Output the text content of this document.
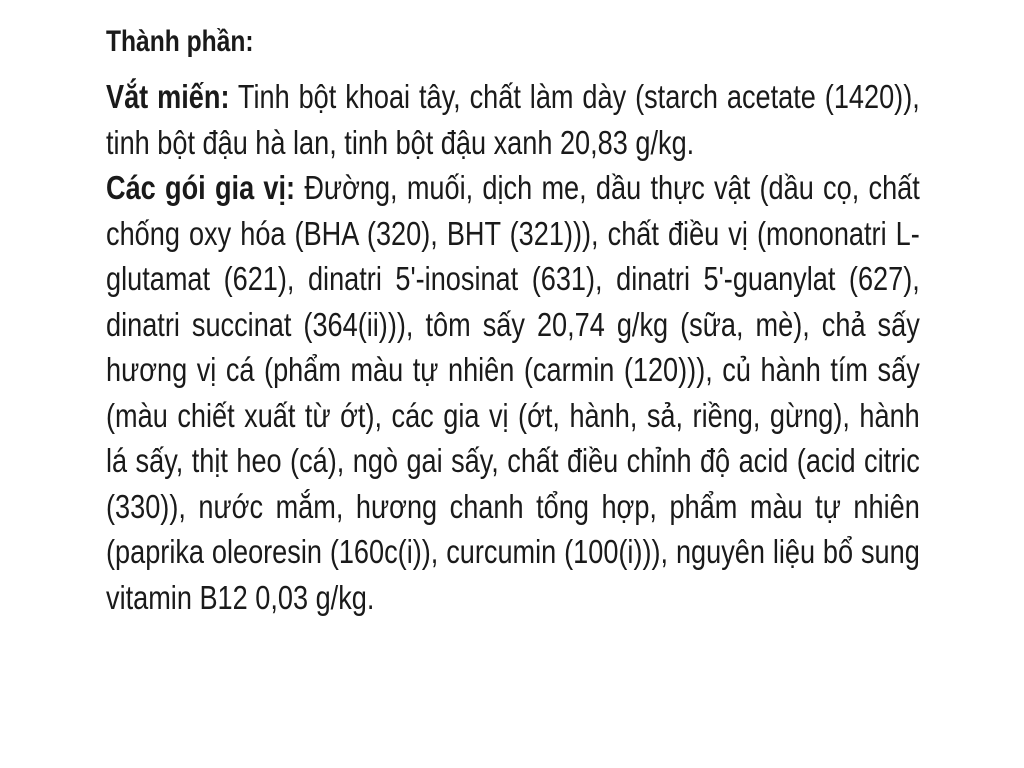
Thành phần:

Vắt miến: Tinh bột khoai tây, chất làm dày (starch acetate (1420)), tinh bột đậu hà lan, tinh bột đậu xanh 20,83 g/kg.

Các gói gia vị: Đường, muối, dịch me, dầu thực vật (dầu cọ, chất chống oxy hóa (BHA (320), BHT (321))), chất điều vị (mononatri L-glutamat (621), dinatri 5'-inosinat (631), dinatri 5'-guanylat (627), dinatri succinat (364(ii))), tôm sấy 20,74 g/kg (sữa, mè), chả sấy hương vị cá (phẩm màu tự nhiên (carmin (120))), củ hành tím sấy (màu chiết xuất từ ớt), các gia vị (ớt, hành, sả, riềng, gừng), hành lá sấy, thịt heo (cá), ngò gai sấy, chất điều chỉnh độ acid (acid citric (330)), nước mắm, hương chanh tổng hợp, phẩm màu tự nhiên (paprika oleoresin (160c(i)), curcumin (100(i))), nguyên liệu bổ sung vitamin B12 0,03 g/kg.
